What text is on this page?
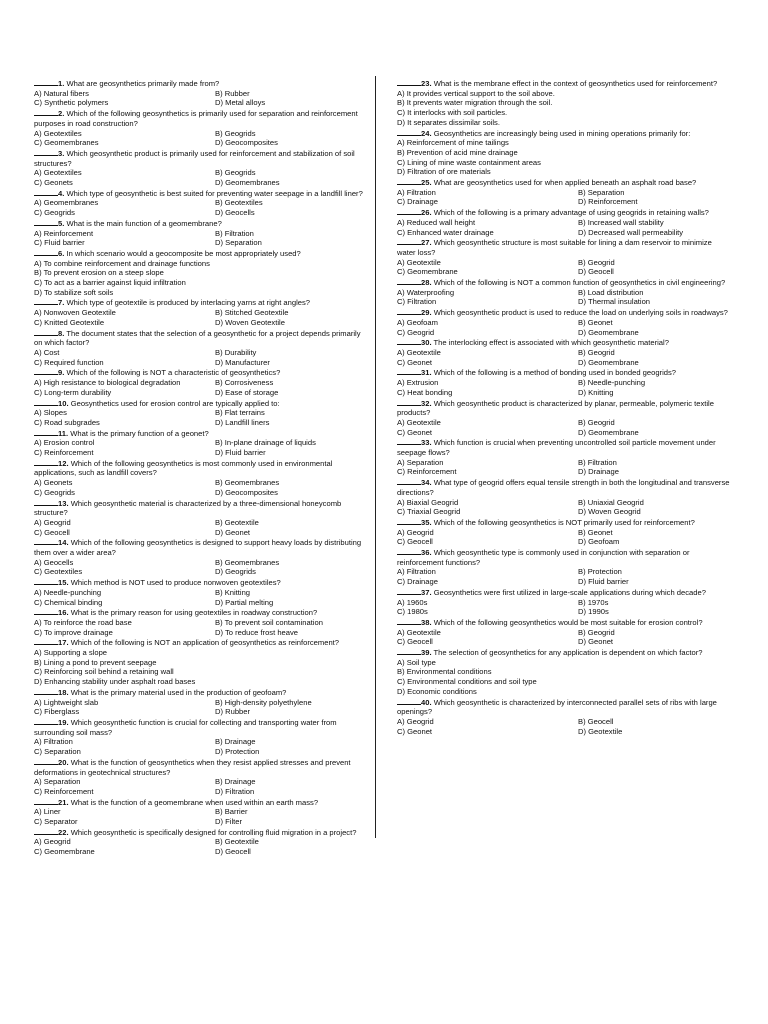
1. What are geosynthetics primarily made from?
A) Natural fibers	B) Rubber
C) Synthetic polymers	D) Metal alloys
2. Which of the following geosynthetics is primarily used for separation and reinforcement purposes in road construction?
A) Geotextiles	B) Geogrids
C) Geomembranes	D) Geocomposites
3. Which geosynthetic product is primarily used for reinforcement and stabilization of soil structures?
A) Geotextiles	B) Geogrids
C) Geonets	D) Geomembranes
4. Which type of geosynthetic is best suited for preventing water seepage in a landfill liner?
A) Geomembranes	B) Geotextiles
C) Geogrids	D) Geocells
5. What is the main function of a geomembrane?
A) Reinforcement	B) Filtration
C) Fluid barrier	D) Separation
6. In which scenario would a geocomposite be most appropriately used?
A) To combine reinforcement and drainage functions
B) To prevent erosion on a steep slope
C) To act as a barrier against liquid infiltration
D) To stabilize soft soils
7. Which type of geotextile is produced by interlacing yarns at right angles?
A) Nonwoven Geotextile	B) Stitched Geotextile
C) Knitted Geotextile	D) Woven Geotextile
8. The document states that the selection of a geosynthetic for a project depends primarily on which factor?
A) Cost	B) Durability
C) Required function	D) Manufacturer
9. Which of the following is NOT a characteristic of geosynthetics?
A) High resistance to biological degradation	B) Corrosiveness
C) Long-term durability	D) Ease of storage
10. Geosynthetics used for erosion control are typically applied to:
A) Slopes	B) Flat terrains
C) Road subgrades	D) Landfill liners
11. What is the primary function of a geonet?
A) Erosion control	B) In-plane drainage of liquids
C) Reinforcement	D) Fluid barrier
12. Which of the following geosynthetics is most commonly used in environmental applications, such as landfill covers?
A) Geonets	B) Geomembranes
C) Geogrids	D) Geocomposites
13. Which geosynthetic material is characterized by a three-dimensional honeycomb structure?
A) Geogrid	B) Geotextile
C) Geocell	D) Geonet
14. Which of the following geosynthetics is designed to support heavy loads by distributing them over a wider area?
A) Geocells	B) Geomembranes
C) Geotextiles	D) Geogrids
15. Which method is NOT used to produce nonwoven geotextiles?
A) Needle-punching	B) Knitting
C) Chemical binding	D) Partial melting
16. What is the primary reason for using geotextiles in roadway construction?
A) To reinforce the road base	B) To prevent soil contamination
C) To improve drainage	D) To reduce frost heave
17. Which of the following is NOT an application of geosynthetics as reinforcement?
A) Supporting a slope
B) Lining a pond to prevent seepage
C) Reinforcing soil behind a retaining wall
D) Enhancing stability under asphalt road bases
18. What is the primary material used in the production of geofoam?
A) Lightweight slab	B) High-density polyethylene
C) Fiberglass	D) Rubber
19. Which geosynthetic function is crucial for collecting and transporting water from surrounding soil mass?
A) Filtration	B) Drainage
C) Separation	D) Protection
20. What is the function of geosynthetics when they resist applied stresses and prevent deformations in geotechnical structures?
A) Separation	B) Drainage
C) Reinforcement	D) Filtration
21. What is the function of a geomembrane when used within an earth mass?
A) Liner	B) Barrier
C) Separator	D) Filter
22. Which geosynthetic is specifically designed for controlling fluid migration in a project?
A) Geogrid	B) Geotextile
C) Geomembrane	D) Geocell
23. What is the membrane effect in the context of geosynthetics used for reinforcement?
A) It provides vertical support to the soil above.
B) It prevents water migration through the soil.
C) It interlocks with soil particles.
D) It separates dissimilar soils.
24. Geosynthetics are increasingly being used in mining operations primarily for:
A) Reinforcement of mine tailings
B) Prevention of acid mine drainage
C) Lining of mine waste containment areas
D) Filtration of ore materials
25. What are geosynthetics used for when applied beneath an asphalt road base?
A) Filtration	B) Separation
C) Drainage	D) Reinforcement
26. Which of the following is a primary advantage of using geogrids in retaining walls?
A) Reduced wall height	B) Increased wall stability
C) Enhanced water drainage	D) Decreased wall permeability
27. Which geosynthetic structure is most suitable for lining a dam reservoir to minimize water loss?
A) Geotextile	B) Geogrid
C) Geomembrane	D) Geocell
28. Which of the following is NOT a common function of geosynthetics in civil engineering?
A) Waterproofing	B) Load distribution
C) Filtration	D) Thermal insulation
29. Which geosynthetic product is used to reduce the load on underlying soils in roadways?
A) Geofoam	B) Geonet
C) Geogrid	D) Geomembrane
30. The interlocking effect is associated with which geosynthetic material?
A) Geotextile	B) Geogrid
C) Geonet	D) Geomembrane
31. Which of the following is a method of bonding used in bonded geogrids?
A) Extrusion	B) Needle-punching
C) Heat bonding	D) Knitting
32. Which geosynthetic product is characterized by planar, permeable, polymeric textile products?
A) Geotextile	B) Geogrid
C) Geonet	D) Geomembrane
33. Which function is crucial when preventing uncontrolled soil particle movement under seepage flows?
A) Separation	B) Filtration
C) Reinforcement	D) Drainage
34. What type of geogrid offers equal tensile strength in both the longitudinal and transverse directions?
A) Biaxial Geogrid	B) Uniaxial Geogrid
C) Triaxial Geogrid	D) Woven Geogrid
35. Which of the following geosynthetics is NOT primarily used for reinforcement?
A) Geogrid	B) Geonet
C) Geocell	D) Geofoam
36. Which geosynthetic type is commonly used in conjunction with separation or reinforcement functions?
A) Filtration	B) Protection
C) Drainage	D) Fluid barrier
37. Geosynthetics were first utilized in large-scale applications during which decade?
A) 1960s	B) 1970s
C) 1980s	D) 1990s
38. Which of the following geosynthetics would be most suitable for erosion control?
A) Geotextile	B) Geogrid
C) Geocell	D) Geonet
39. The selection of geosynthetics for any application is dependent on which factor?
A) Soil type
B) Environmental conditions
C) Environmental conditions and soil type
D) Economic conditions
40. Which geosynthetic is characterized by interconnected parallel sets of ribs with large openings?
A) Geogrid	B) Geocell
C) Geonet	D) Geotextile
